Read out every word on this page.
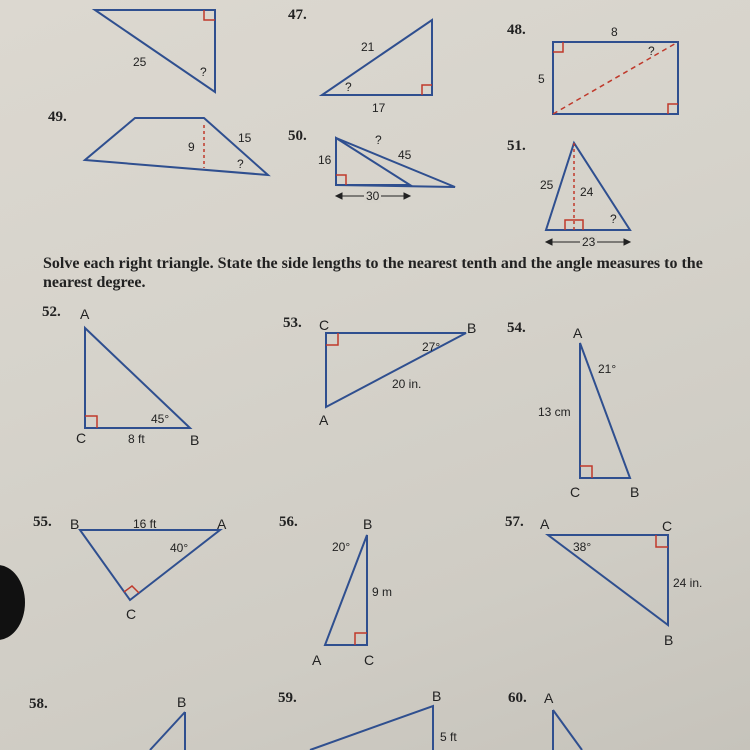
25
?
47.
21
17
?
48.	8
5
?
49.
9
15
?
50.
16
?
45
30
51.
25 24
?
23
Solve each right triangle. State the side lengths to the nearest tenth and the angle measures to the nearest degree.
52. A
C	B
45°
8 ft
53. C	B
A
27°
20 in.
54.	A
C	B
21°
13 cm
55. B	A
C
16 ft
40°
56.	B
A	C
20°
9 m
57. A	C
B
38°
24 in.
58.	B	59.	B
5 ft
60. A
